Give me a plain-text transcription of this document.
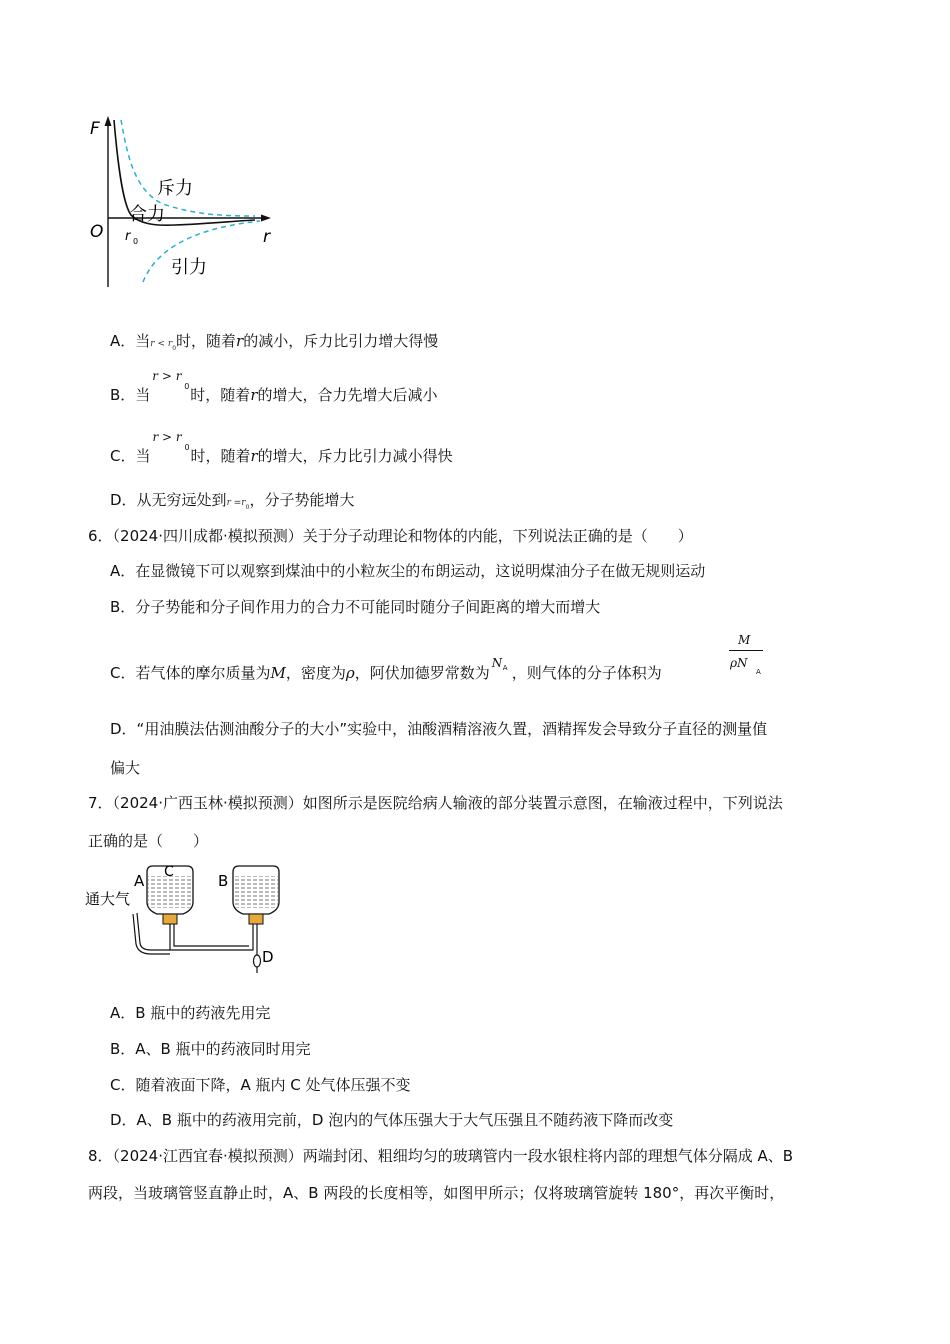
F
r
O r 0
斥力
合力
引力
A．当$r < r_0$时，随着r的减小，斥力比引力增大得慢
B．当
r > r
0 时，随着r的增大，合力先增大后减小
C．当
r > r
0 时，随着r的增大，斥力比引力减小得快
D．从无穷远处到$r =r_0$，分子势能增大
6．（2024·四川成都·模拟预测）关于分子动理论和物体的内能，下列说法正确的是（　　）
A．在显微镜下可以观察到煤油中的小粒灰尘的布朗运动，这说明煤油分子在做无规则运动
B．分子势能和分子间作用力的合力不可能同时随分子间距离的增大而增大
C．若气体的摩尔质量为M，密度为ρ，阿伏加德罗常数为
N A ，则气体的分子体积为
M
ρN
A
D．“用油膜法估测油酸分子的大小”实验中，油酸酒精溶液久置，酒精挥发会导致分子直径的测量值
偏大
7．（2024·广西玉林·模拟预测）如图所示是医院给病人输液的部分装置示意图，在输液过程中，下列说法
正确的是（　　）
通大气
A C	B
D
A．B 瓶中的药液先用完
B．A、B 瓶中的药液同时用完
C．随着液面下降，A 瓶内 C 处气体压强不变
D．A、B 瓶中的药液用完前，D 泡内的气体压强大于大气压强且不随药液下降而改变
8．（2024·江西宜春·模拟预测）两端封闭、粗细均匀的玻璃管内一段水银柱将内部的理想气体分隔成 A、B
两段，当玻璃管竖直静止时，A、B 两段的长度相等，如图甲所示；仅将玻璃管旋转 180°，再次平衡时，
